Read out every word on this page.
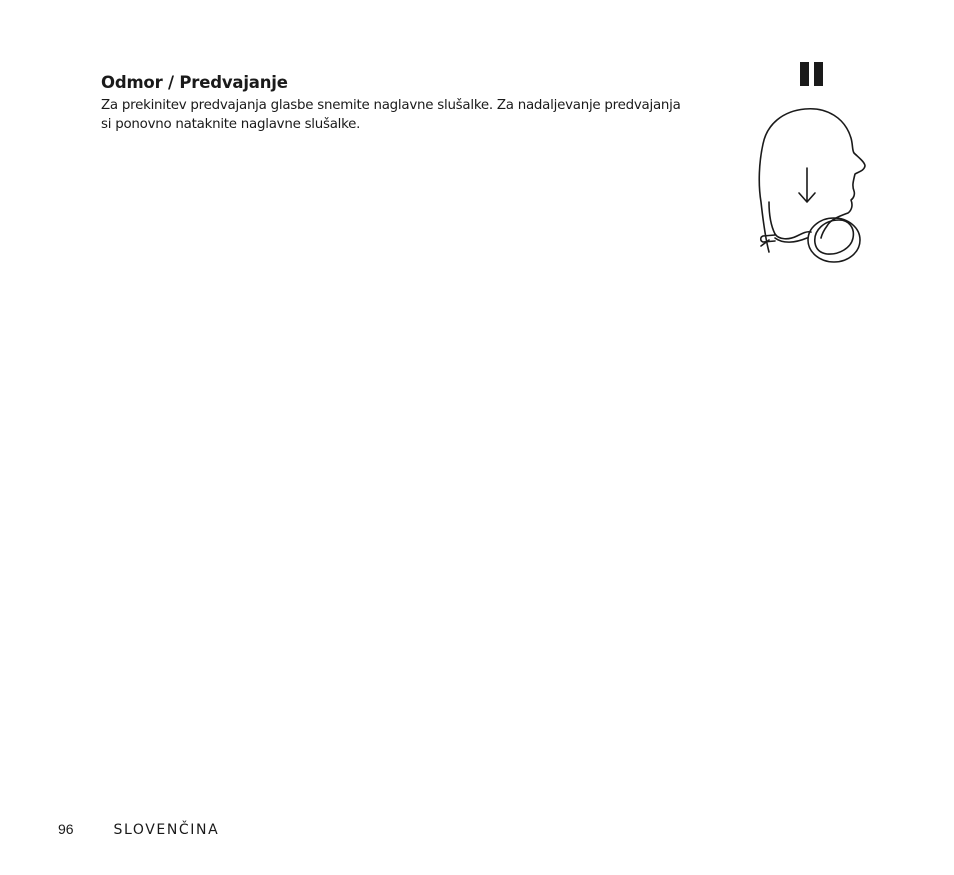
Odmor / Predvajanje

Za prekinitev predvajanja glasbe snemite naglavne slušalke. Za nadaljevanje predvajanja
si ponovno nataknite naglavne slušalke.

96	SLOVENČINA
